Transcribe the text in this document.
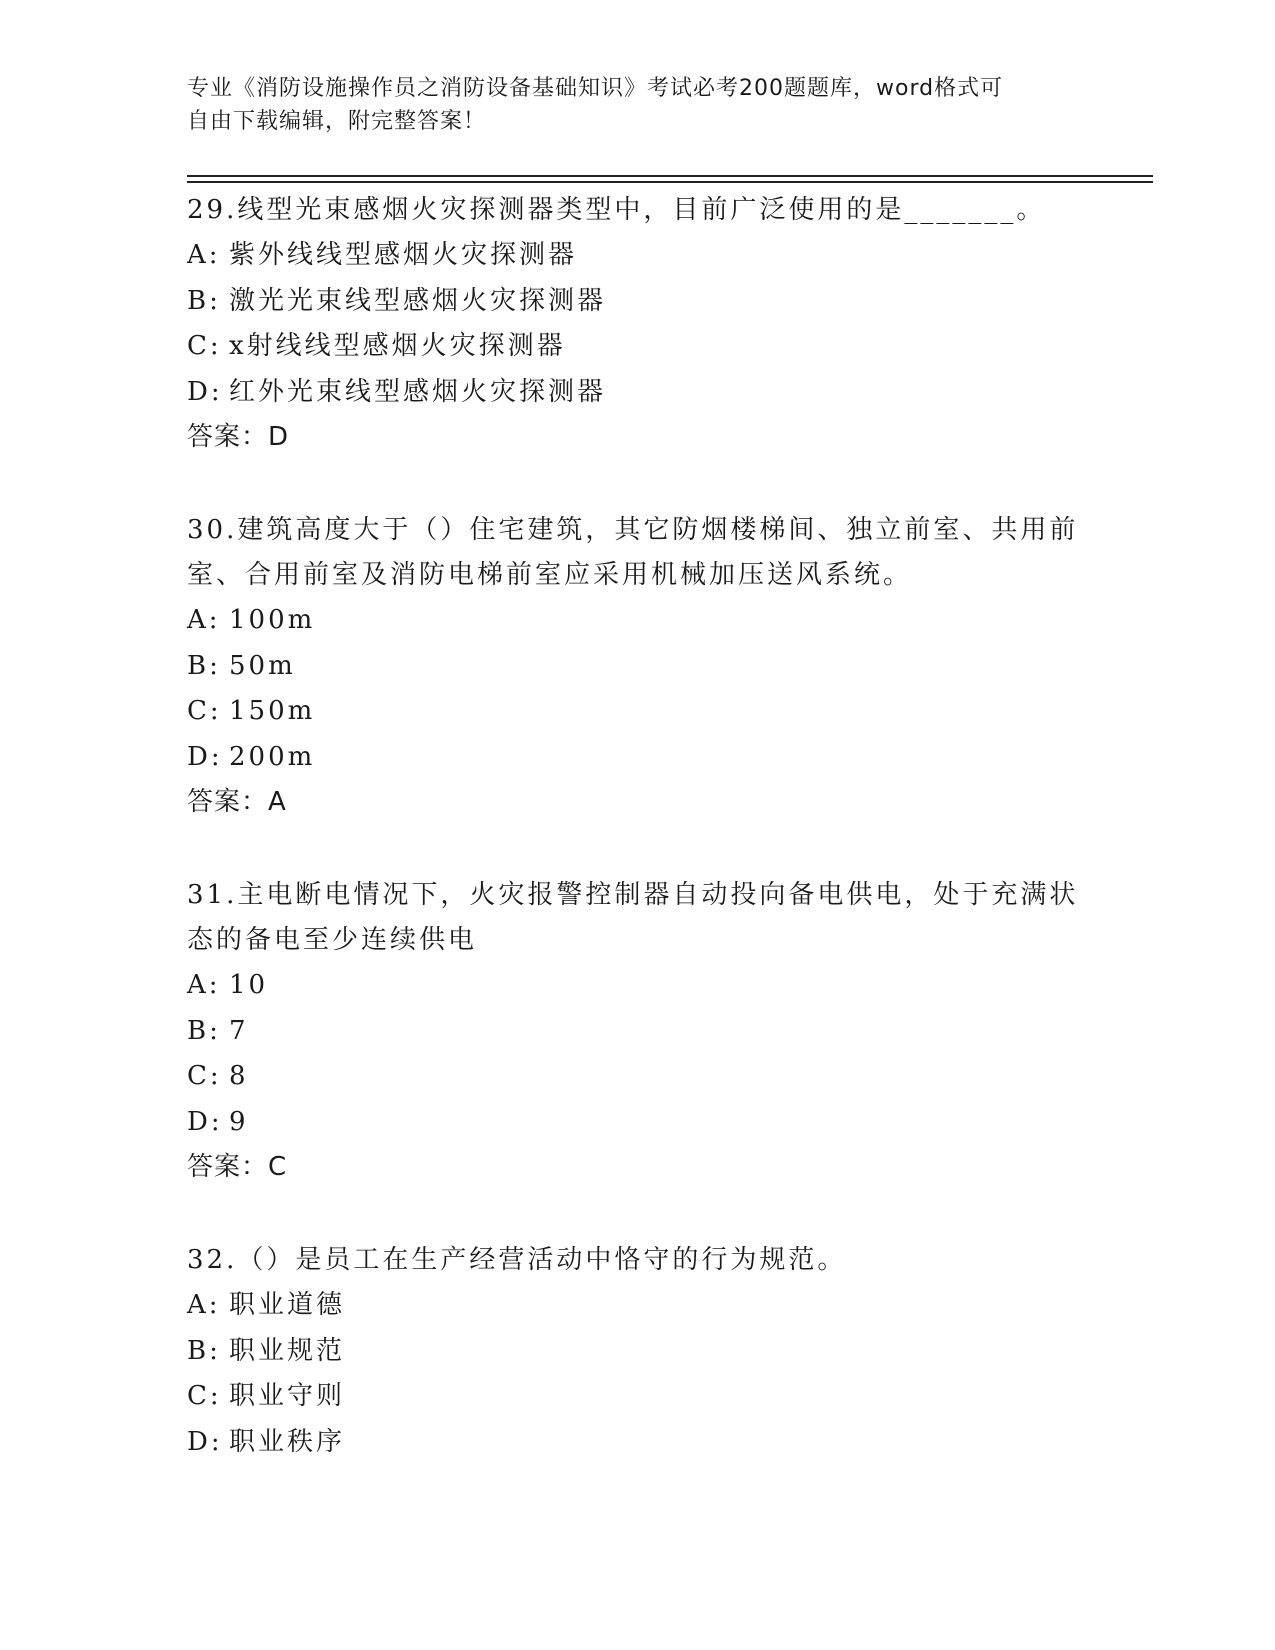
专业《消防设施操作员之消防设备基础知识》考试必考200题题库，word格式可
自由下载编辑，附完整答案！

29.线型光束感烟火灾探测器类型中，目前广泛使用的是_______。

A: 紫外线线型感烟火灾探测器

B: 激光光束线型感烟火灾探测器

C: x射线线型感烟火灾探测器

D: 红外光束线型感烟火灾探测器

答案：D

30.建筑高度大于（）住宅建筑，其它防烟楼梯间、独立前室、共用前室、合用前室及消防电梯前室应采用机械加压送风系统。

A: 100m

B: 50m

C: 150m

D: 200m

答案：A

31.主电断电情况下，火灾报警控制器自动投向备电供电，处于充满状态的备电至少连续供电

A: 10

B: 7

C: 8

D: 9

答案：C

32.（）是员工在生产经营活动中恪守的行为规范。

A: 职业道德

B: 职业规范

C: 职业守则

D: 职业秩序
